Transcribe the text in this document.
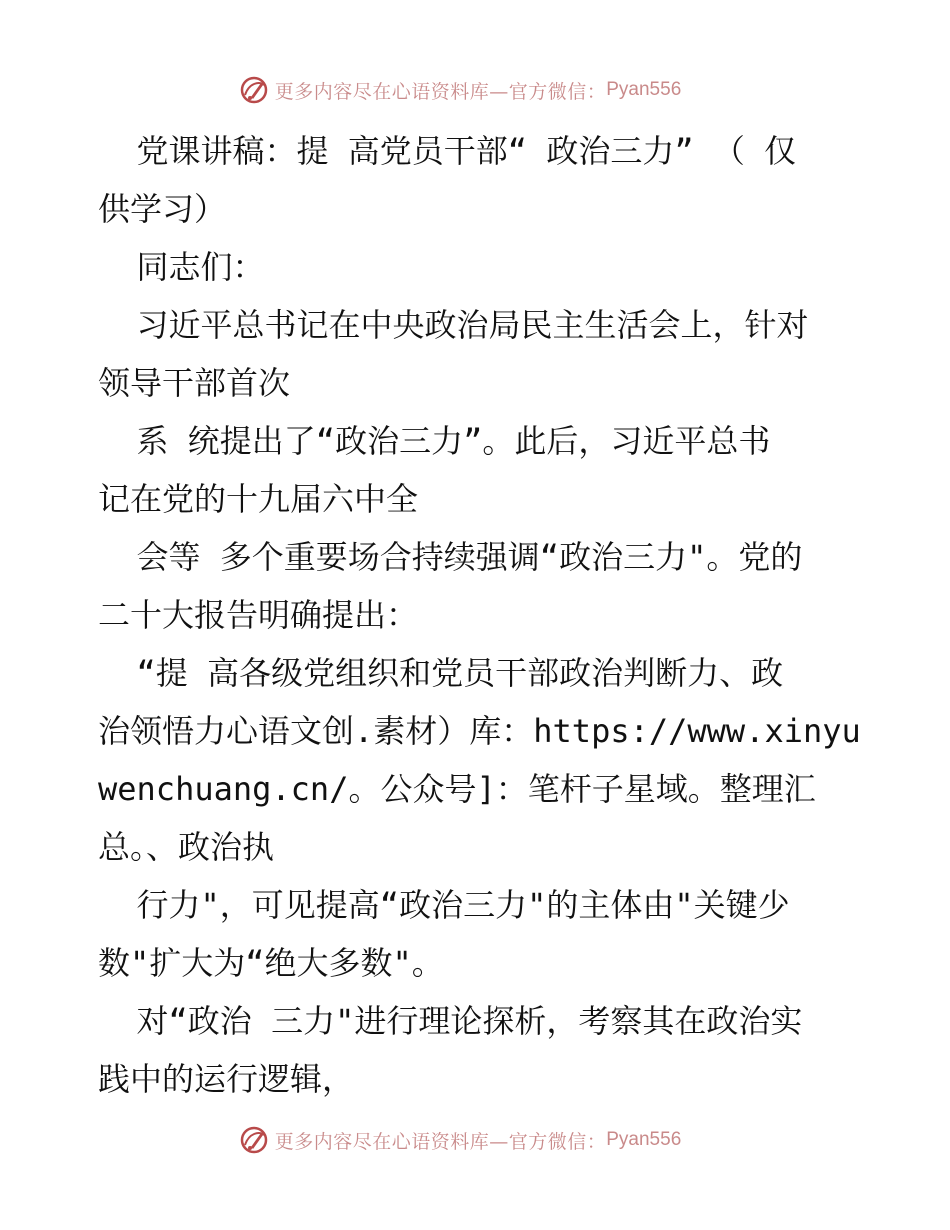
更多内容尽在心语资料库—官方微信： Pyan556
党课讲稿：提 高党员干部“ 政治三力” （ 仅
供学习）
同志们：
习近平总书记在中央政治局民主生活会上，针对
领导干部首次
系 统提出了“政治三力”。此后，习近平总书
记在党的十九届六中全
会等 多个重要场合持续强调“政治三力"。党的
二十大报告明确提出：
“提 高各级党组织和党员干部政治判断力、政
治领悟力心语文创.素材）库：https://www.xinyu
wenchuang.cn/。公众号]：笔杆子星域。整理汇
总。、政治执
行力"，可见提高“政治三力"的主体由"关键少
数"扩大为“绝大多数"。
对“政治 三力"进行理论探析，考察其在政治实
践中的运行逻辑，
更多内容尽在心语资料库—官方微信： Pyan556
